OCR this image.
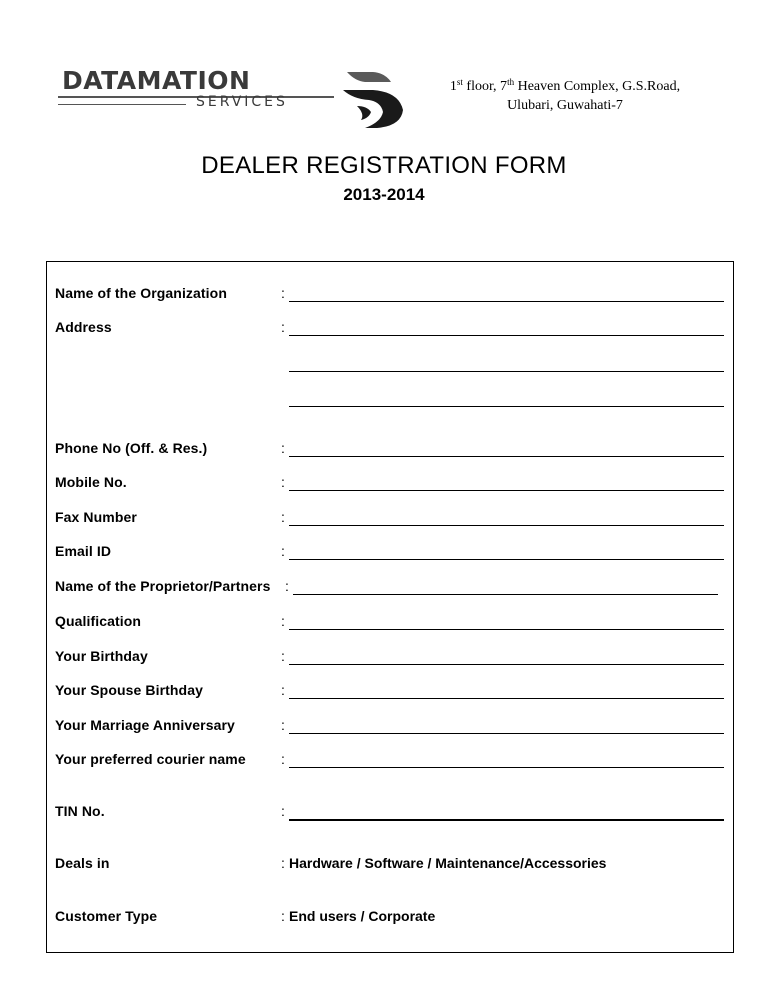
DATAMATION
SERVICES
1st floor, 7th Heaven Complex, G.S.Road,
Ulubari, Guwahati-7
DEALER REGISTRATION FORM
2013-2014
Name of the Organization	:
Address	:
Phone No (Off. & Res.)	:
Mobile No.	:
Fax Number	:
Email ID	:
Name of the Proprietor/Partners :
Qualification	:
Your Birthday	:
Your Spouse Birthday	:
Your Marriage Anniversary	:
Your preferred courier name	:
TIN No.	:
Deals in	: Hardware / Software / Maintenance/Accessories
Customer Type	: End users / Corporate
